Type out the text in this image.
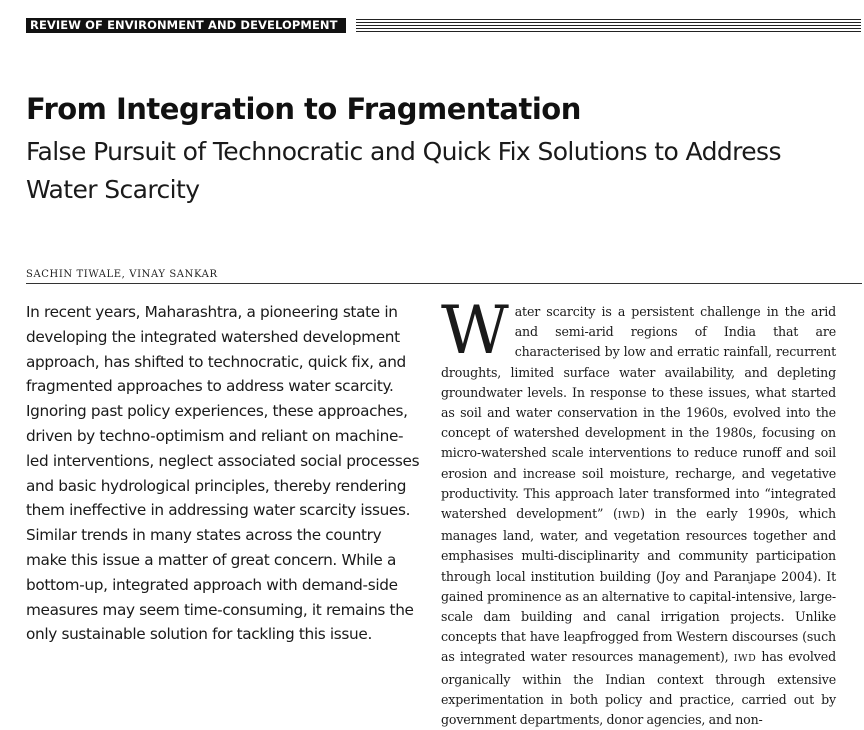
REVIEW OF ENVIRONMENT AND DEVELOPMENT
From Integration to Fragmentation
False Pursuit of Technocratic and Quick Fix Solutions to Address Water Scarcity
SACHIN TIWALE, VINAY SANKAR

In recent years, Maharashtra, a pioneering state in developing the integrated watershed development approach, has shifted to technocratic, quick fix, and fragmented approaches to address water scarcity. Ignoring past policy experiences, these approaches, driven by techno-optimism and reliant on machine-led interventions, neglect associated social processes and basic hydrological principles, thereby rendering them ineffective in addressing water scarcity issues. Similar trends in many states across the country make this issue a matter of great concern. While a bottom-up, integrated approach with demand-side measures may seem time-consuming, it remains the only sustainable solution for tackling this issue.

Water scarcity is a persistent challenge in the arid and semi-arid regions of India that are characterised by low and erratic rainfall, recurrent droughts, limited surface water availability, and depleting groundwater levels. In response to these issues, what started as soil and water conservation in the 1960s, evolved into the concept of watershed development in the 1980s, focusing on micro-watershed scale interventions to reduce runoff and soil erosion and increase soil moisture, recharge, and vegetative productivity. This approach later transformed into “integrated watershed development” (IWD) in the early 1990s, which manages land, water, and vegetation resources together and emphasises multi-disciplinarity and community participation through local institution building (Joy and Paranjape 2004). It gained prominence as an alternative to capital-intensive, large-scale dam building and canal irrigation projects. Unlike concepts that have leapfrogged from Western discourses (such as integrated water resources management), IWD has evolved organically within the Indian context through extensive experimentation in both policy and practice, carried out by government departments, donor agencies, and non-
